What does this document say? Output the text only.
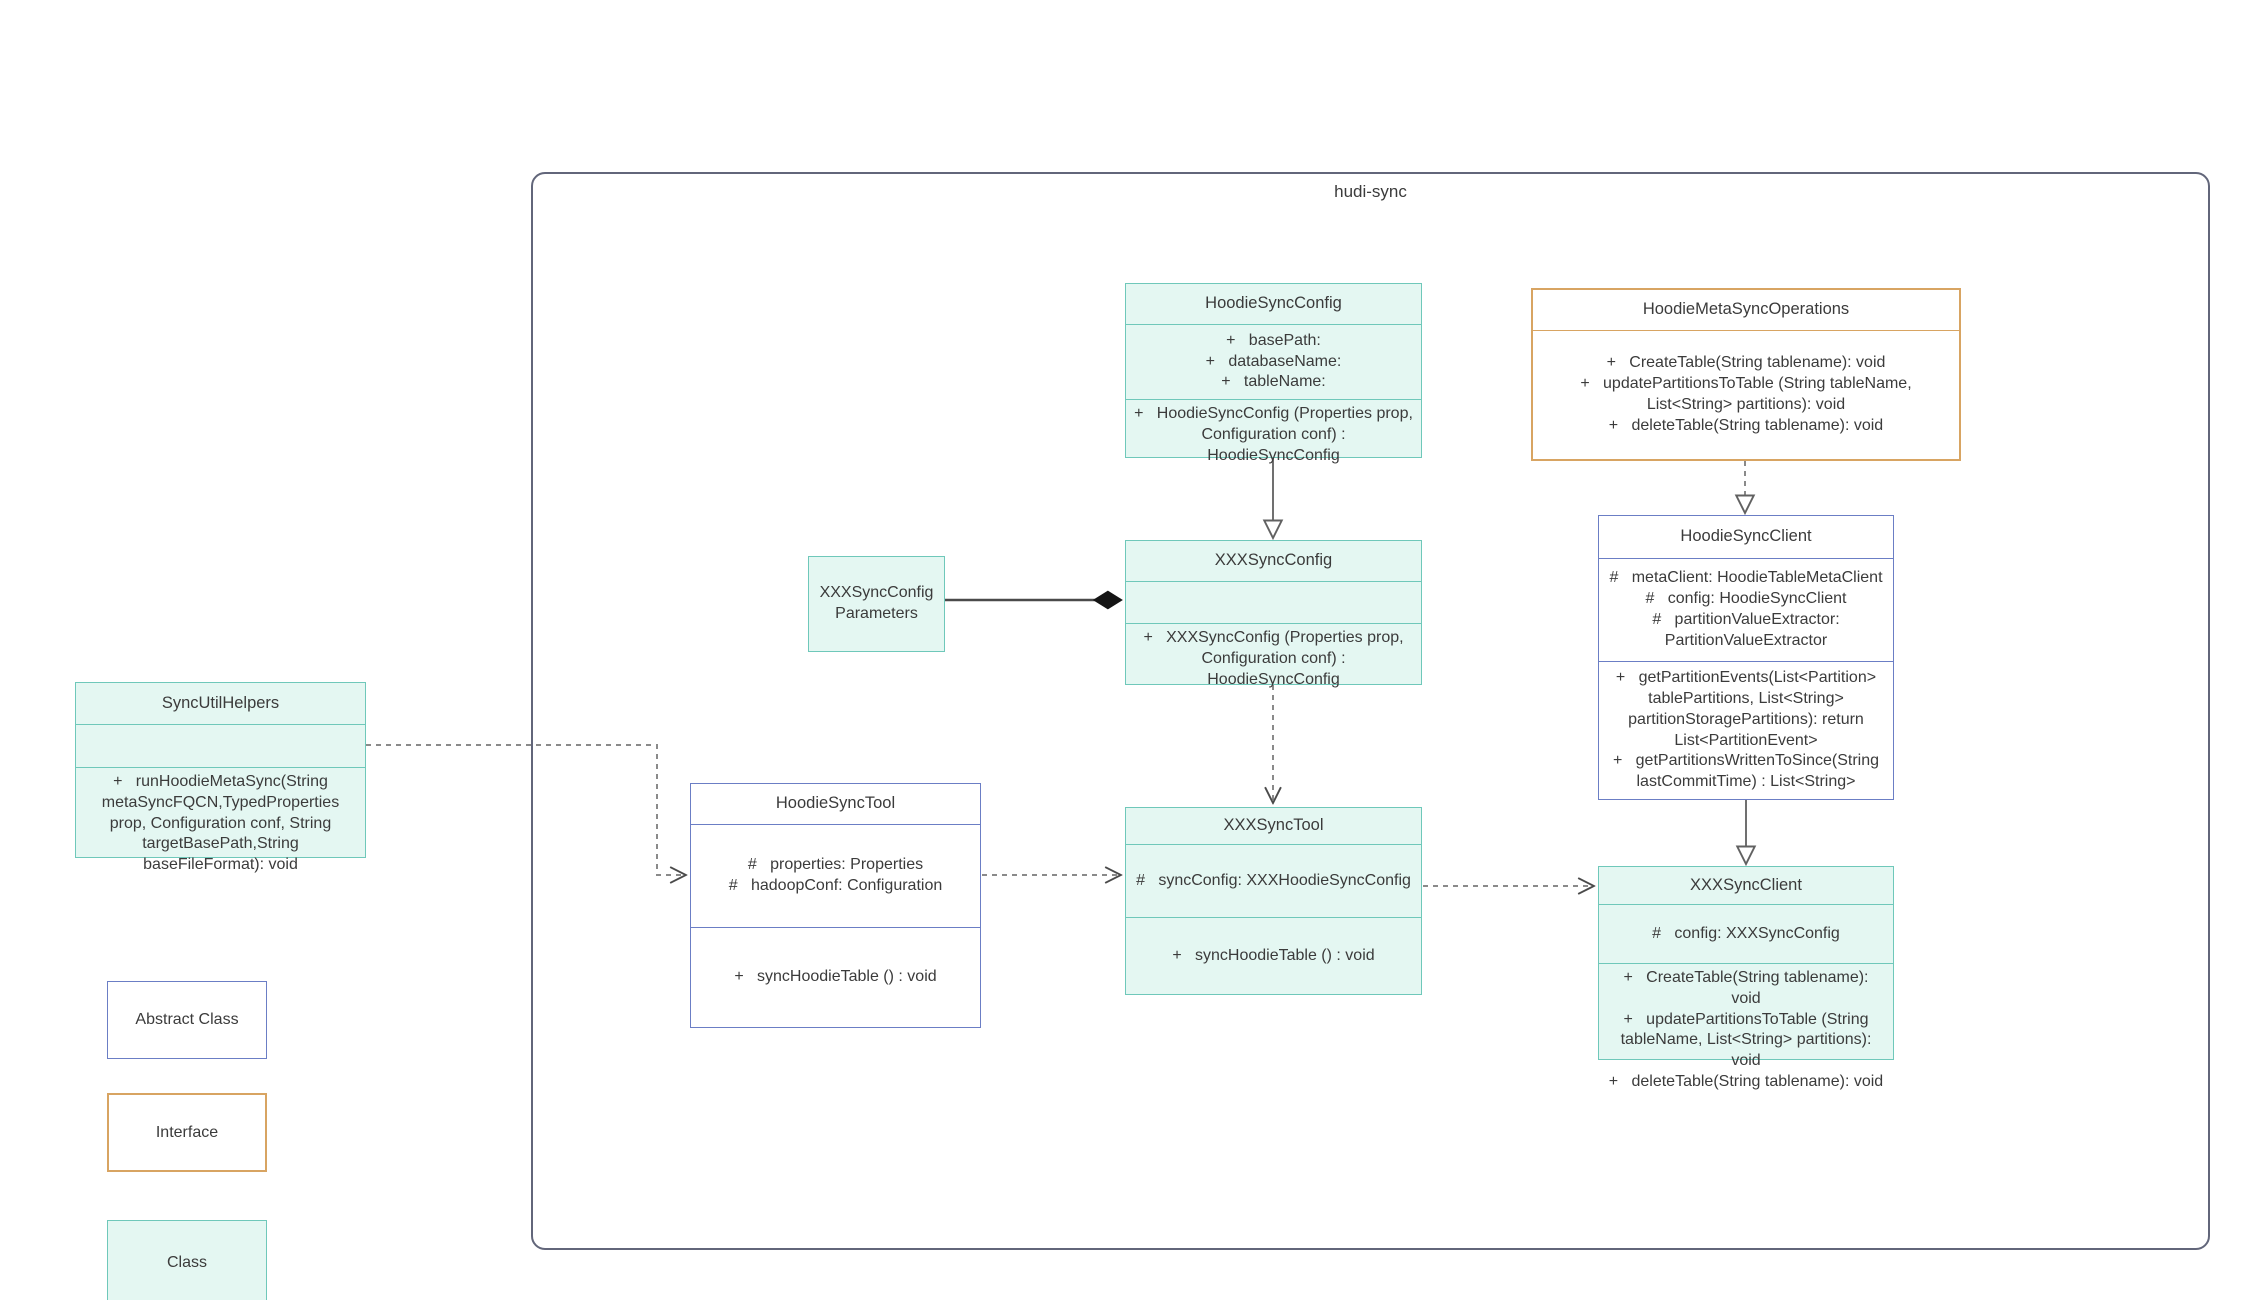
hudi-sync
HoodieSyncConfig
+   basePath:
+   databaseName:
+   tableName:
+   HoodieSyncConfig (Properties prop, Configuration conf) : HoodieSyncConfig
HoodieMetaSyncOperations
+   CreateTable(String tablename): void
+   updatePartitionsToTable (String tableName, List<String> partitions): void
+   deleteTable(String tablename): void
XXXSyncConfigParameters
XXXSyncConfig
+   XXXSyncConfig (Properties prop, Configuration conf) : HoodieSyncConfig
HoodieSyncClient
#   metaClient: HoodieTableMetaClient
#   config: HoodieSyncClient
#   partitionValueExtractor: PartitionValueExtractor
+   getPartitionEvents(List<Partition> tablePartitions, List<String> partitionStoragePartitions): return List<PartitionEvent>
+   getPartitionsWrittenToSince(String lastCommitTime) : List<String>
SyncUtilHelpers
+   runHoodieMetaSync(String metaSyncFQCN,TypedProperties prop, Configuration conf, String targetBasePath,String baseFileFormat): void
HoodieSyncTool
#   properties: Properties
#   hadoopConf: Configuration
+   syncHoodieTable () : void
XXXSyncTool
#   syncConfig: XXXHoodieSyncConfig
+   syncHoodieTable () : void
XXXSyncClient
#   config: XXXSyncConfig
+   CreateTable(String tablename): void
+   updatePartitionsToTable (String tableName, List<String> partitions): void
+   deleteTable(String tablename): void
Abstract Class
Interface
Class
